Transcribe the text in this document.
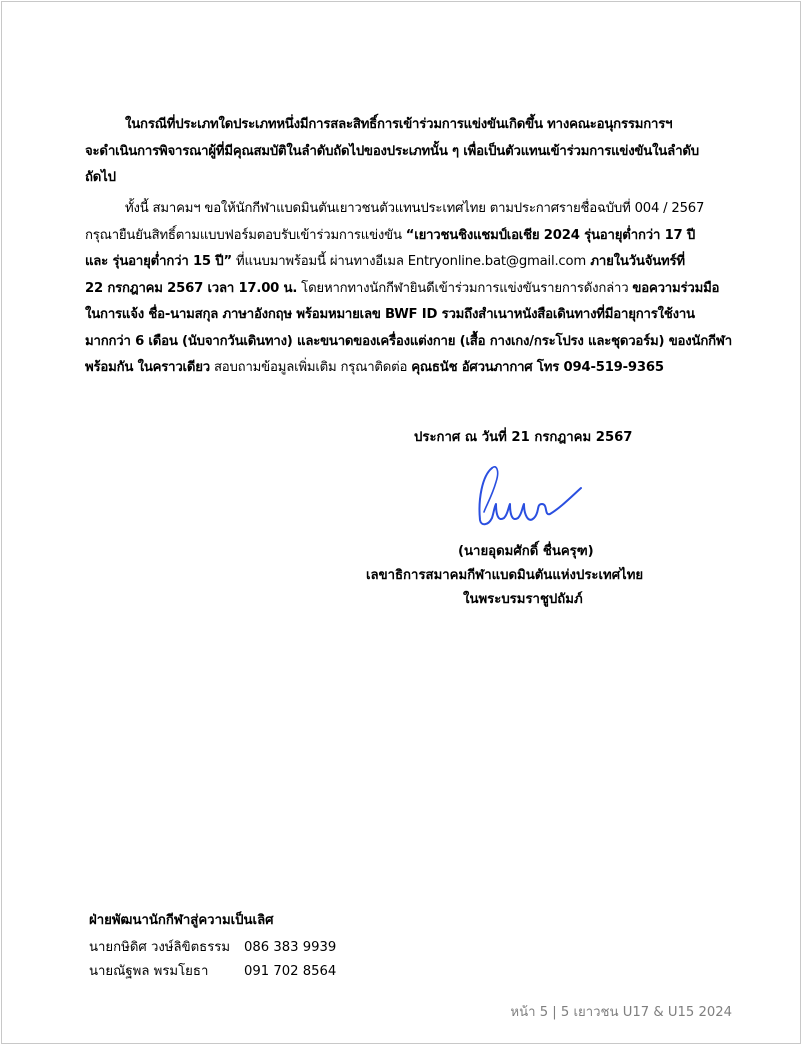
ในกรณีที่ประเภทใดประเภทหนึ่งมีการสละสิทธิ์การเข้าร่วมการแข่งขันเกิดขึ้น ทางคณะอนุกรรมการฯ
จะดำเนินการพิจารณาผู้ที่มีคุณสมบัติในลำดับถัดไปของประเภทนั้น ๆ เพื่อเป็นตัวแทนเข้าร่วมการแข่งขันในลำดับ
ถัดไป

ทั้งนี้ สมาคมฯ ขอให้นักกีฬาแบดมินตันเยาวชนตัวแทนประเทศไทย ตามประกาศรายชื่อฉบับที่ 004 / 2567
กรุณายืนยันสิทธิ์ตามแบบฟอร์มตอบรับเข้าร่วมการแข่งขัน “เยาวชนชิงแชมป์เอเชีย 2024 รุ่นอายุต่ำกว่า 17 ปี
และ รุ่นอายุต่ำกว่า 15 ปี” ที่แนบมาพร้อมนี้ ผ่านทางอีเมล Entryonline.bat@gmail.com ภายในวันจันทร์ที่
22 กรกฎาคม 2567 เวลา 17.00 น. โดยหากทางนักกีฬายินดีเข้าร่วมการแข่งขันรายการดังกล่าว ขอความร่วมมือ
ในการแจ้ง ชื่อ-นามสกุล ภาษาอังกฤษ พร้อมหมายเลข BWF ID รวมถึงสำเนาหนังสือเดินทางที่มีอายุการใช้งาน
มากกว่า 6 เดือน (นับจากวันเดินทาง) และขนาดของเครื่องแต่งกาย (เสื้อ กางเกง/กระโปรง และชุดวอร์ม) ของนักกีฬา
พร้อมกัน ในคราวเดียว สอบถามข้อมูลเพิ่มเติม กรุณาติดต่อ คุณธนัช อัศวนภากาศ โทร 094-519-9365

ประกาศ ณ วันที่ 21 กรกฎาคม 2567
(นายอุดมศักดิ์ ชื่นครุฑ)
เลขาธิการสมาคมกีฬาแบดมินตันแห่งประเทศไทย
ในพระบรมราชูปถัมภ์
ฝ่ายพัฒนานักกีฬาสู่ความเป็นเลิศ
นายกษิดิศ วงษ์ลิขิตธรรม 086 383 9939
นายณัฐพล พรมโยธา	091 702 8564
หน้า 5 | 5 เยาวชน U17 & U15 2024
